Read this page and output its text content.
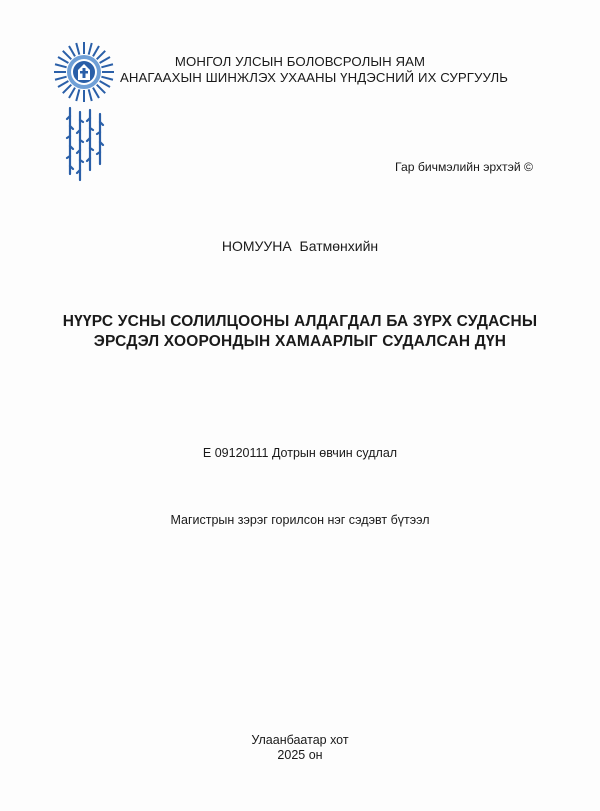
МОНГОЛ УЛСЫН БОЛОВСРОЛЫН ЯАМ
АНАГААХЫН ШИНЖЛЭХ УХААНЫ ҮНДЭСНИЙ ИХ СУРГУУЛЬ
Гар бичмэлийн эрхтэй ©
НОМУУНА  Батмөнхийн
НҮҮРС УСНЫ СОЛИЛЦООНЫ АЛДАГДАЛ БА ЗҮРХ СУДАСНЫ
ЭРСДЭЛ ХООРОНДЫН ХАМААРЛЫГ СУДАЛСАН ДҮН
Е 09120111 Дотрын өвчин судлал
Магистрын зэрэг горилсон нэг сэдэвт бүтээл
Улаанбаатар хот
2025 он
